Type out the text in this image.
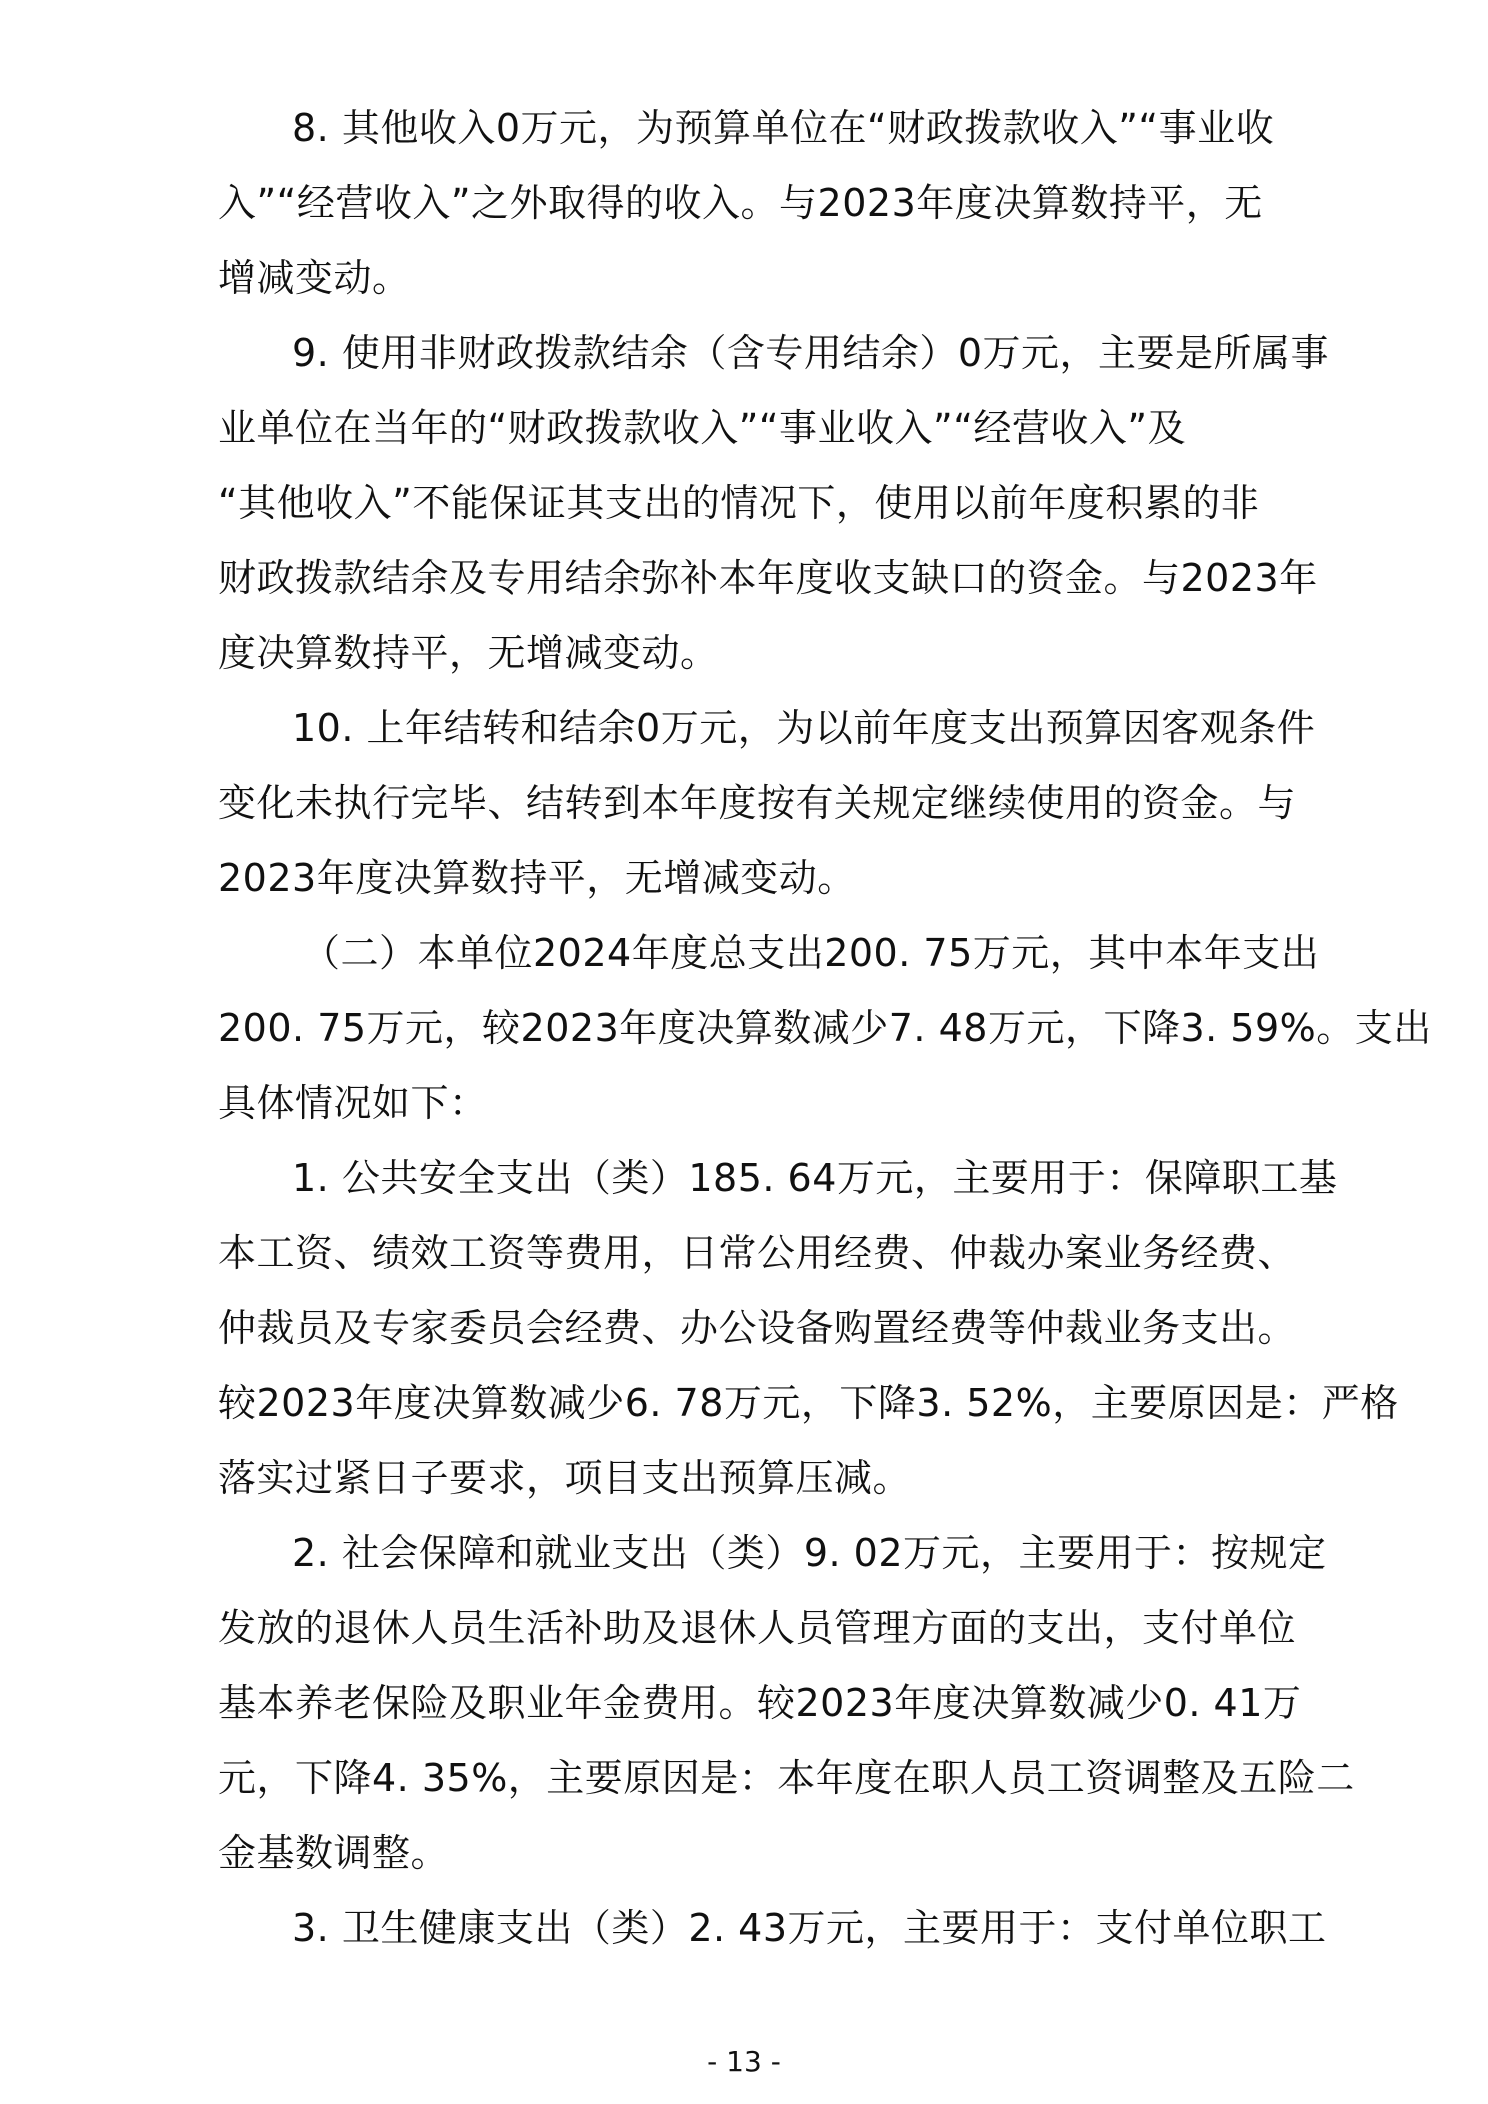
8. 其他收入0万元，为预算单位在“财政拨款收入”“事业收
入”“经营收入”之外取得的收入。与2023年度决算数持平，无
增减变动。
9. 使用非财政拨款结余（含专用结余）0万元，主要是所属事
业单位在当年的“财政拨款收入”“事业收入”“经营收入”及
“其他收入”不能保证其支出的情况下，使用以前年度积累的非
财政拨款结余及专用结余弥补本年度收支缺口的资金。与2023年
度决算数持平，无增减变动。
10. 上年结转和结余0万元，为以前年度支出预算因客观条件
变化未执行完毕、结转到本年度按有关规定继续使用的资金。与
2023年度决算数持平，无增减变动。
（二）本单位2024年度总支出200. 75万元，其中本年支出
200. 75万元，较2023年度决算数减少7. 48万元，下降3. 59%。支出
具体情况如下：
1. 公共安全支出（类）185. 64万元，主要用于：保障职工基
本工资、绩效工资等费用，日常公用经费、仲裁办案业务经费、
仲裁员及专家委员会经费、办公设备购置经费等仲裁业务支出。
较2023年度决算数减少6. 78万元，下降3. 52%，主要原因是：严格
落实过紧日子要求，项目支出预算压减。
2. 社会保障和就业支出（类）9. 02万元，主要用于：按规定
发放的退休人员生活补助及退休人员管理方面的支出，支付单位
基本养老保险及职业年金费用。较2023年度决算数减少0. 41万
元，下降4. 35%，主要原因是：本年度在职人员工资调整及五险二
金基数调整。
3. 卫生健康支出（类）2. 43万元，主要用于：支付单位职工
- 13 -
